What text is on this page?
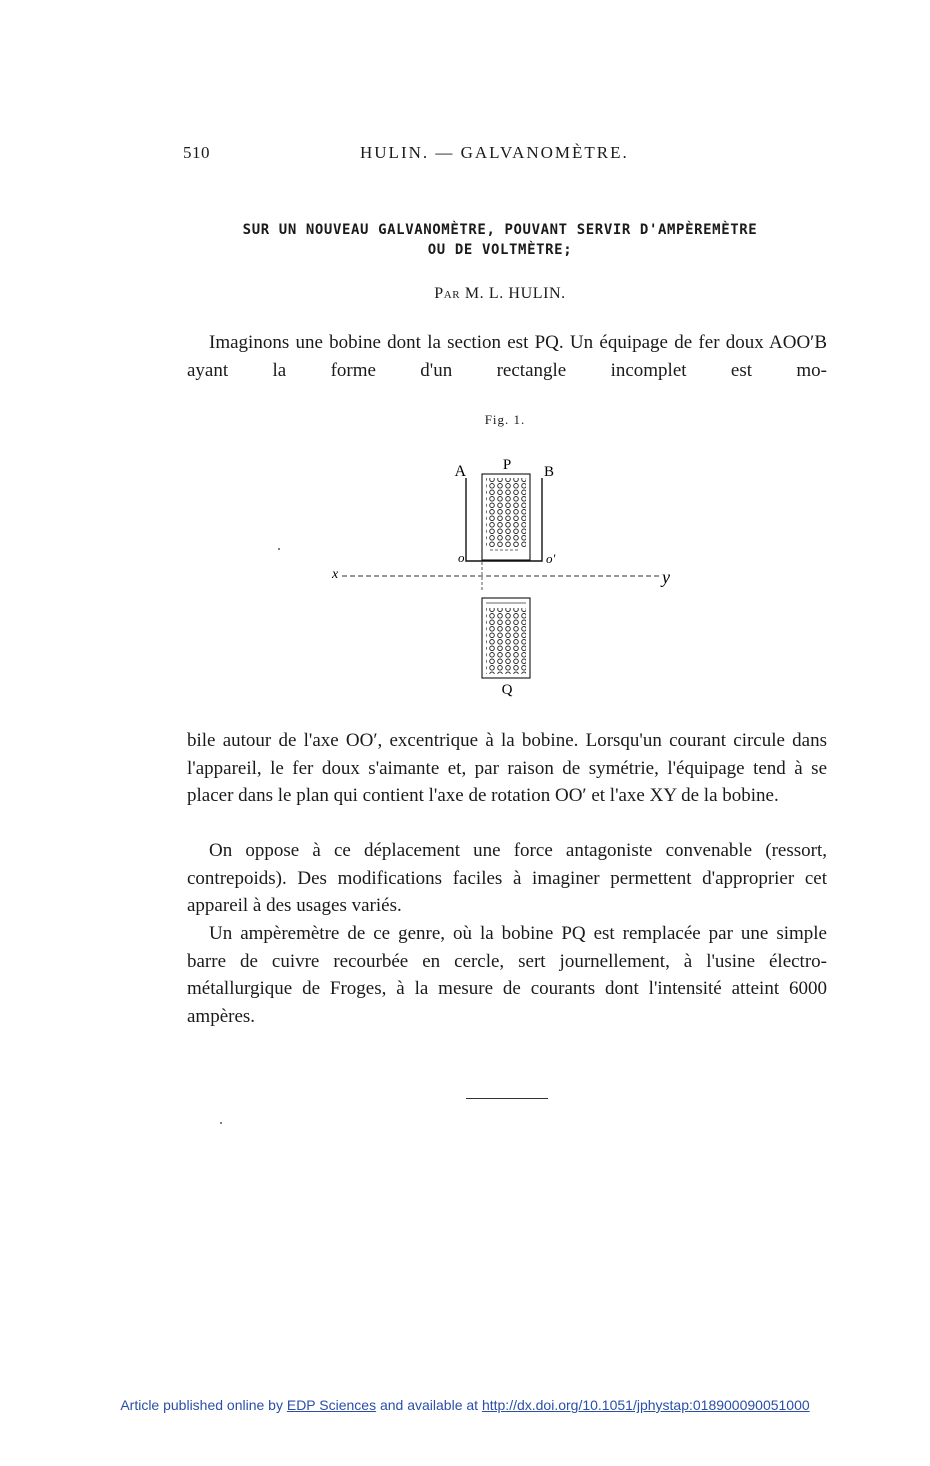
510	HULIN. — GALVANOMÈTRE.
SUR UN NOUVEAU GALVANOMÈTRE, POUVANT SERVIR D'AMPÈREMÈTRE
OU DE VOLTMÈTRE;
Par M. L. HULIN.

Imaginons une bobine dont la section est PQ. Un équipage de fer doux AOO′B ayant la forme d'un rectangle incomplet est mo-

Fig. 1.
A P B
o	o′
x	y
Q

bile autour de l'axe OO′, excentrique à la bobine. Lorsqu'un courant circule dans l'appareil, le fer doux s'aimante et, par raison de symétrie, l'équipage tend à se placer dans le plan qui contient l'axe de rotation OO′ et l'axe XY de la bobine.

On oppose à ce déplacement une force antagoniste convenable (ressort, contrepoids). Des modifications faciles à imaginer permettent d'approprier cet appareil à des usages variés.

Un ampèremètre de ce genre, où la bobine PQ est remplacée par une simple barre de cuivre recourbée en cercle, sert journellement, à l'usine électro-métallurgique de Froges, à la mesure de courants dont l'intensité atteint 6000 ampères.

Article published online by EDP Sciences and available at http://dx.doi.org/10.1051/jphystap:018900090051000
